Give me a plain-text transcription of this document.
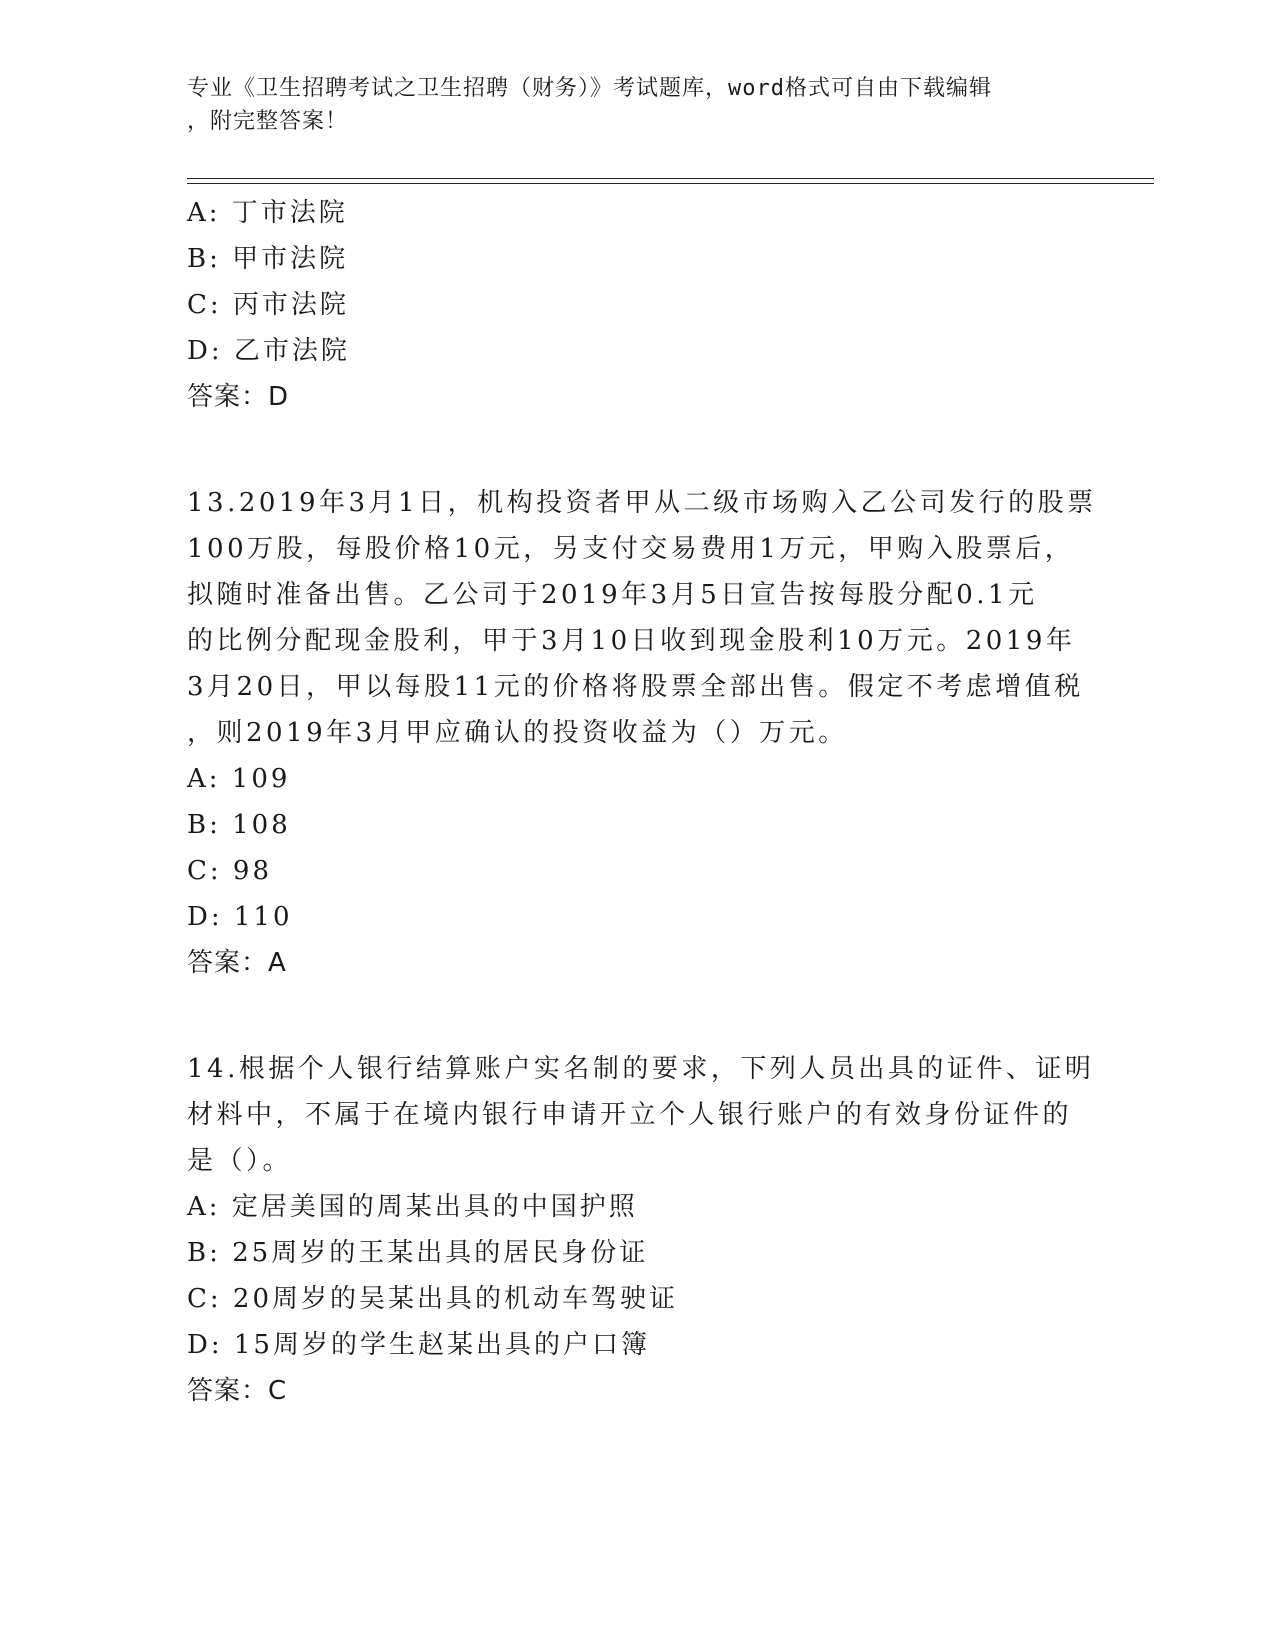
专业《卫生招聘考试之卫生招聘（财务）》考试题库，word格式可自由下载编辑
，附完整答案！
A: 丁市法院
B: 甲市法院
C: 丙市法院
D: 乙市法院
答案：D
13.2019年3月1日，机构投资者甲从二级市场购入乙公司发行的股票
100万股，每股价格10元，另支付交易费用1万元，甲购入股票后，
拟随时准备出售。乙公司于2019年3月5日宣告按每股分配0.1元
的比例分配现金股利，甲于3月10日收到现金股利10万元。2019年
3月20日，甲以每股11元的价格将股票全部出售。假定不考虑增值税
，则2019年3月甲应确认的投资收益为（）万元。
A: 109
B: 108
C: 98
D: 110
答案：A
14.根据个人银行结算账户实名制的要求，下列人员出具的证件、证明
材料中，不属于在境内银行申请开立个人银行账户的有效身份证件的
是（）。
A: 定居美国的周某出具的中国护照
B: 25周岁的王某出具的居民身份证
C: 20周岁的吴某出具的机动车驾驶证
D: 15周岁的学生赵某出具的户口簿
答案：C
